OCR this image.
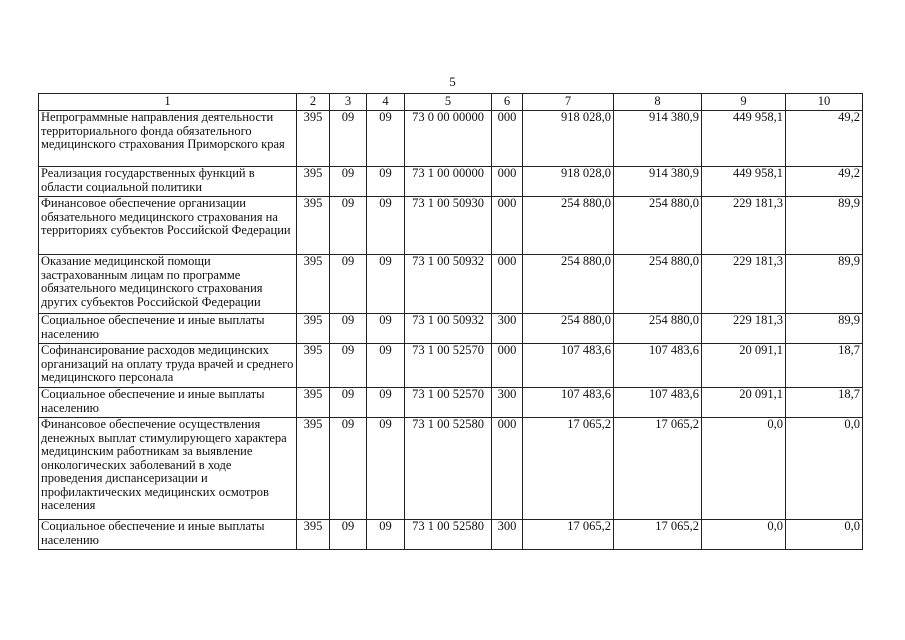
5
1	2	3	4	5	6	7	8	9	10
Непрограммные направления деятельности территориального фонда обязательного медицинского страхования Приморского края	395	09	09	73 0 00 00000	000	918 028,0	914 380,9	449 958,1	49,2
Реализация государственных функций в области социальной политики	395	09	09	73 1 00 00000	000	918 028,0	914 380,9	449 958,1	49,2
Финансовое обеспечение организации обязательного медицинского страхования на территориях субъектов Российской Федерации	395	09	09	73 1 00 50930	000	254 880,0	254 880,0	229 181,3	89,9
Оказание медицинской помощи застрахованным лицам по программе обязательного медицинского страхования других субъектов Российской Федерации	395	09	09	73 1 00 50932	000	254 880,0	254 880,0	229 181,3	89,9
Социальное обеспечение и иные выплаты населению	395	09	09	73 1 00 50932	300	254 880,0	254 880,0	229 181,3	89,9
Софинансирование расходов медицинских организаций на оплату труда врачей и среднего медицинского персонала	395	09	09	73 1 00 52570	000	107 483,6	107 483,6	20 091,1	18,7
Социальное обеспечение и иные выплаты населению	395	09	09	73 1 00 52570	300	107 483,6	107 483,6	20 091,1	18,7
Финансовое обеспечение осуществления денежных выплат стимулирующего характера медицинским работникам за выявление онкологических заболеваний в ходе проведения диспансеризации и профилактических медицинских осмотров населения	395	09	09	73 1 00 52580	000	17 065,2	17 065,2	0,0	0,0
Социальное обеспечение и иные выплаты населению	395	09	09	73 1 00 52580	300	17 065,2	17 065,2	0,0	0,0
